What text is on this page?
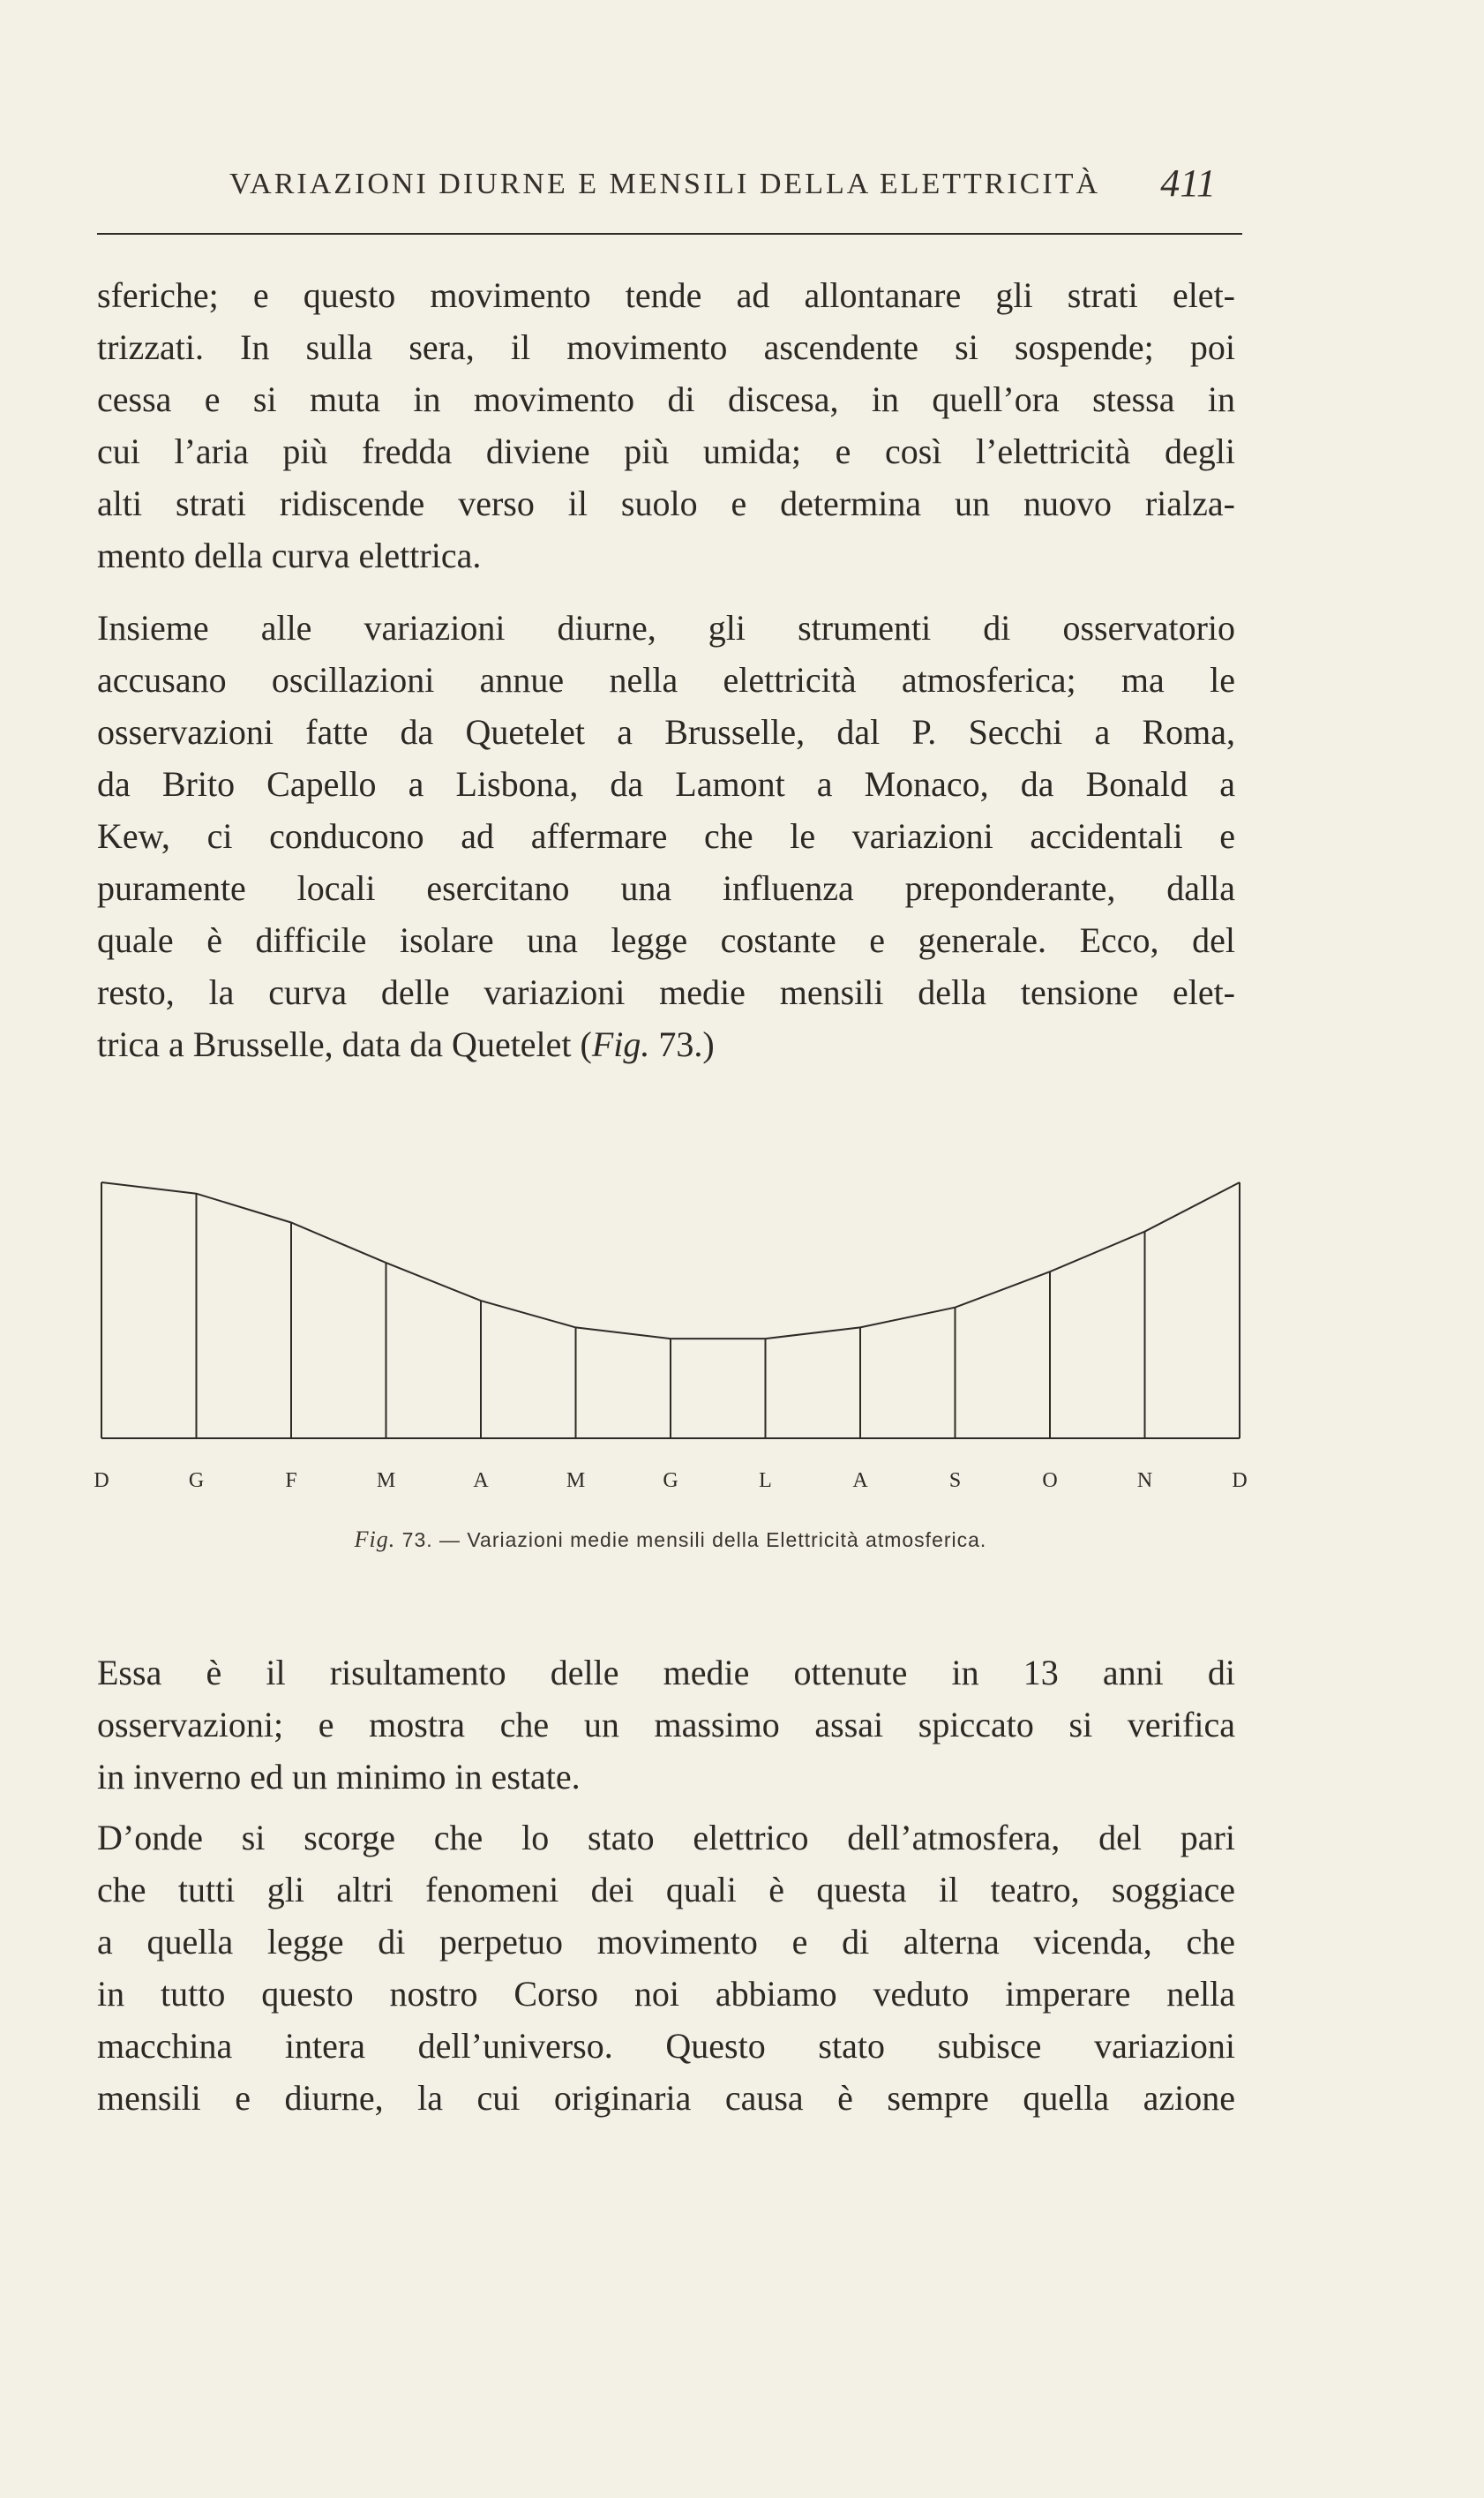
VARIAZIONI DIURNE E MENSILI DELLA ELETTRICITÀ 411
sferiche; e questo movimento tende ad allontanare gli strati elet-
trizzati. In sulla sera, il movimento ascendente si sospende; poi
cessa e si muta in movimento di discesa, in quell’ora stessa in
cui l’aria più fredda diviene più umida; e così l’elettricità degli
alti strati ridiscende verso il suolo e determina un nuovo rialza-
mento della curva elettrica.
Insieme alle variazioni diurne, gli strumenti di osservatorio
accusano oscillazioni annue nella elettricità atmosferica; ma le
osservazioni fatte da Quetelet a Brusselle, dal P. Secchi a Roma,
da Brito Capello a Lisbona, da Lamont a Monaco, da Bonald a
Kew, ci conducono ad affermare che le variazioni accidentali e
puramente locali esercitano una influenza preponderante, dalla
quale è difficile isolare una legge costante e generale. Ecco, del
resto, la curva delle variazioni medie mensili della tensione elet-
trica a Brusselle, data da Quetelet (Fig. 73.)
D	G	F	M	A	M	G	L	A	S	O	N	D
Fig. 73. — Variazioni medie mensili della Elettricità atmosferica.
Essa è il risultamento delle medie ottenute in 13 anni di
osservazioni; e mostra che un massimo assai spiccato si verifica
in inverno ed un minimo in estate.
D’onde si scorge che lo stato elettrico dell’atmosfera, del pari
che tutti gli altri fenomeni dei quali è questa il teatro, soggiace
a quella legge di perpetuo movimento e di alterna vicenda, che
in tutto questo nostro Corso noi abbiamo veduto imperare nella
macchina intera dell’universo. Questo stato subisce variazioni
mensili e diurne, la cui originaria causa è sempre quella azione
